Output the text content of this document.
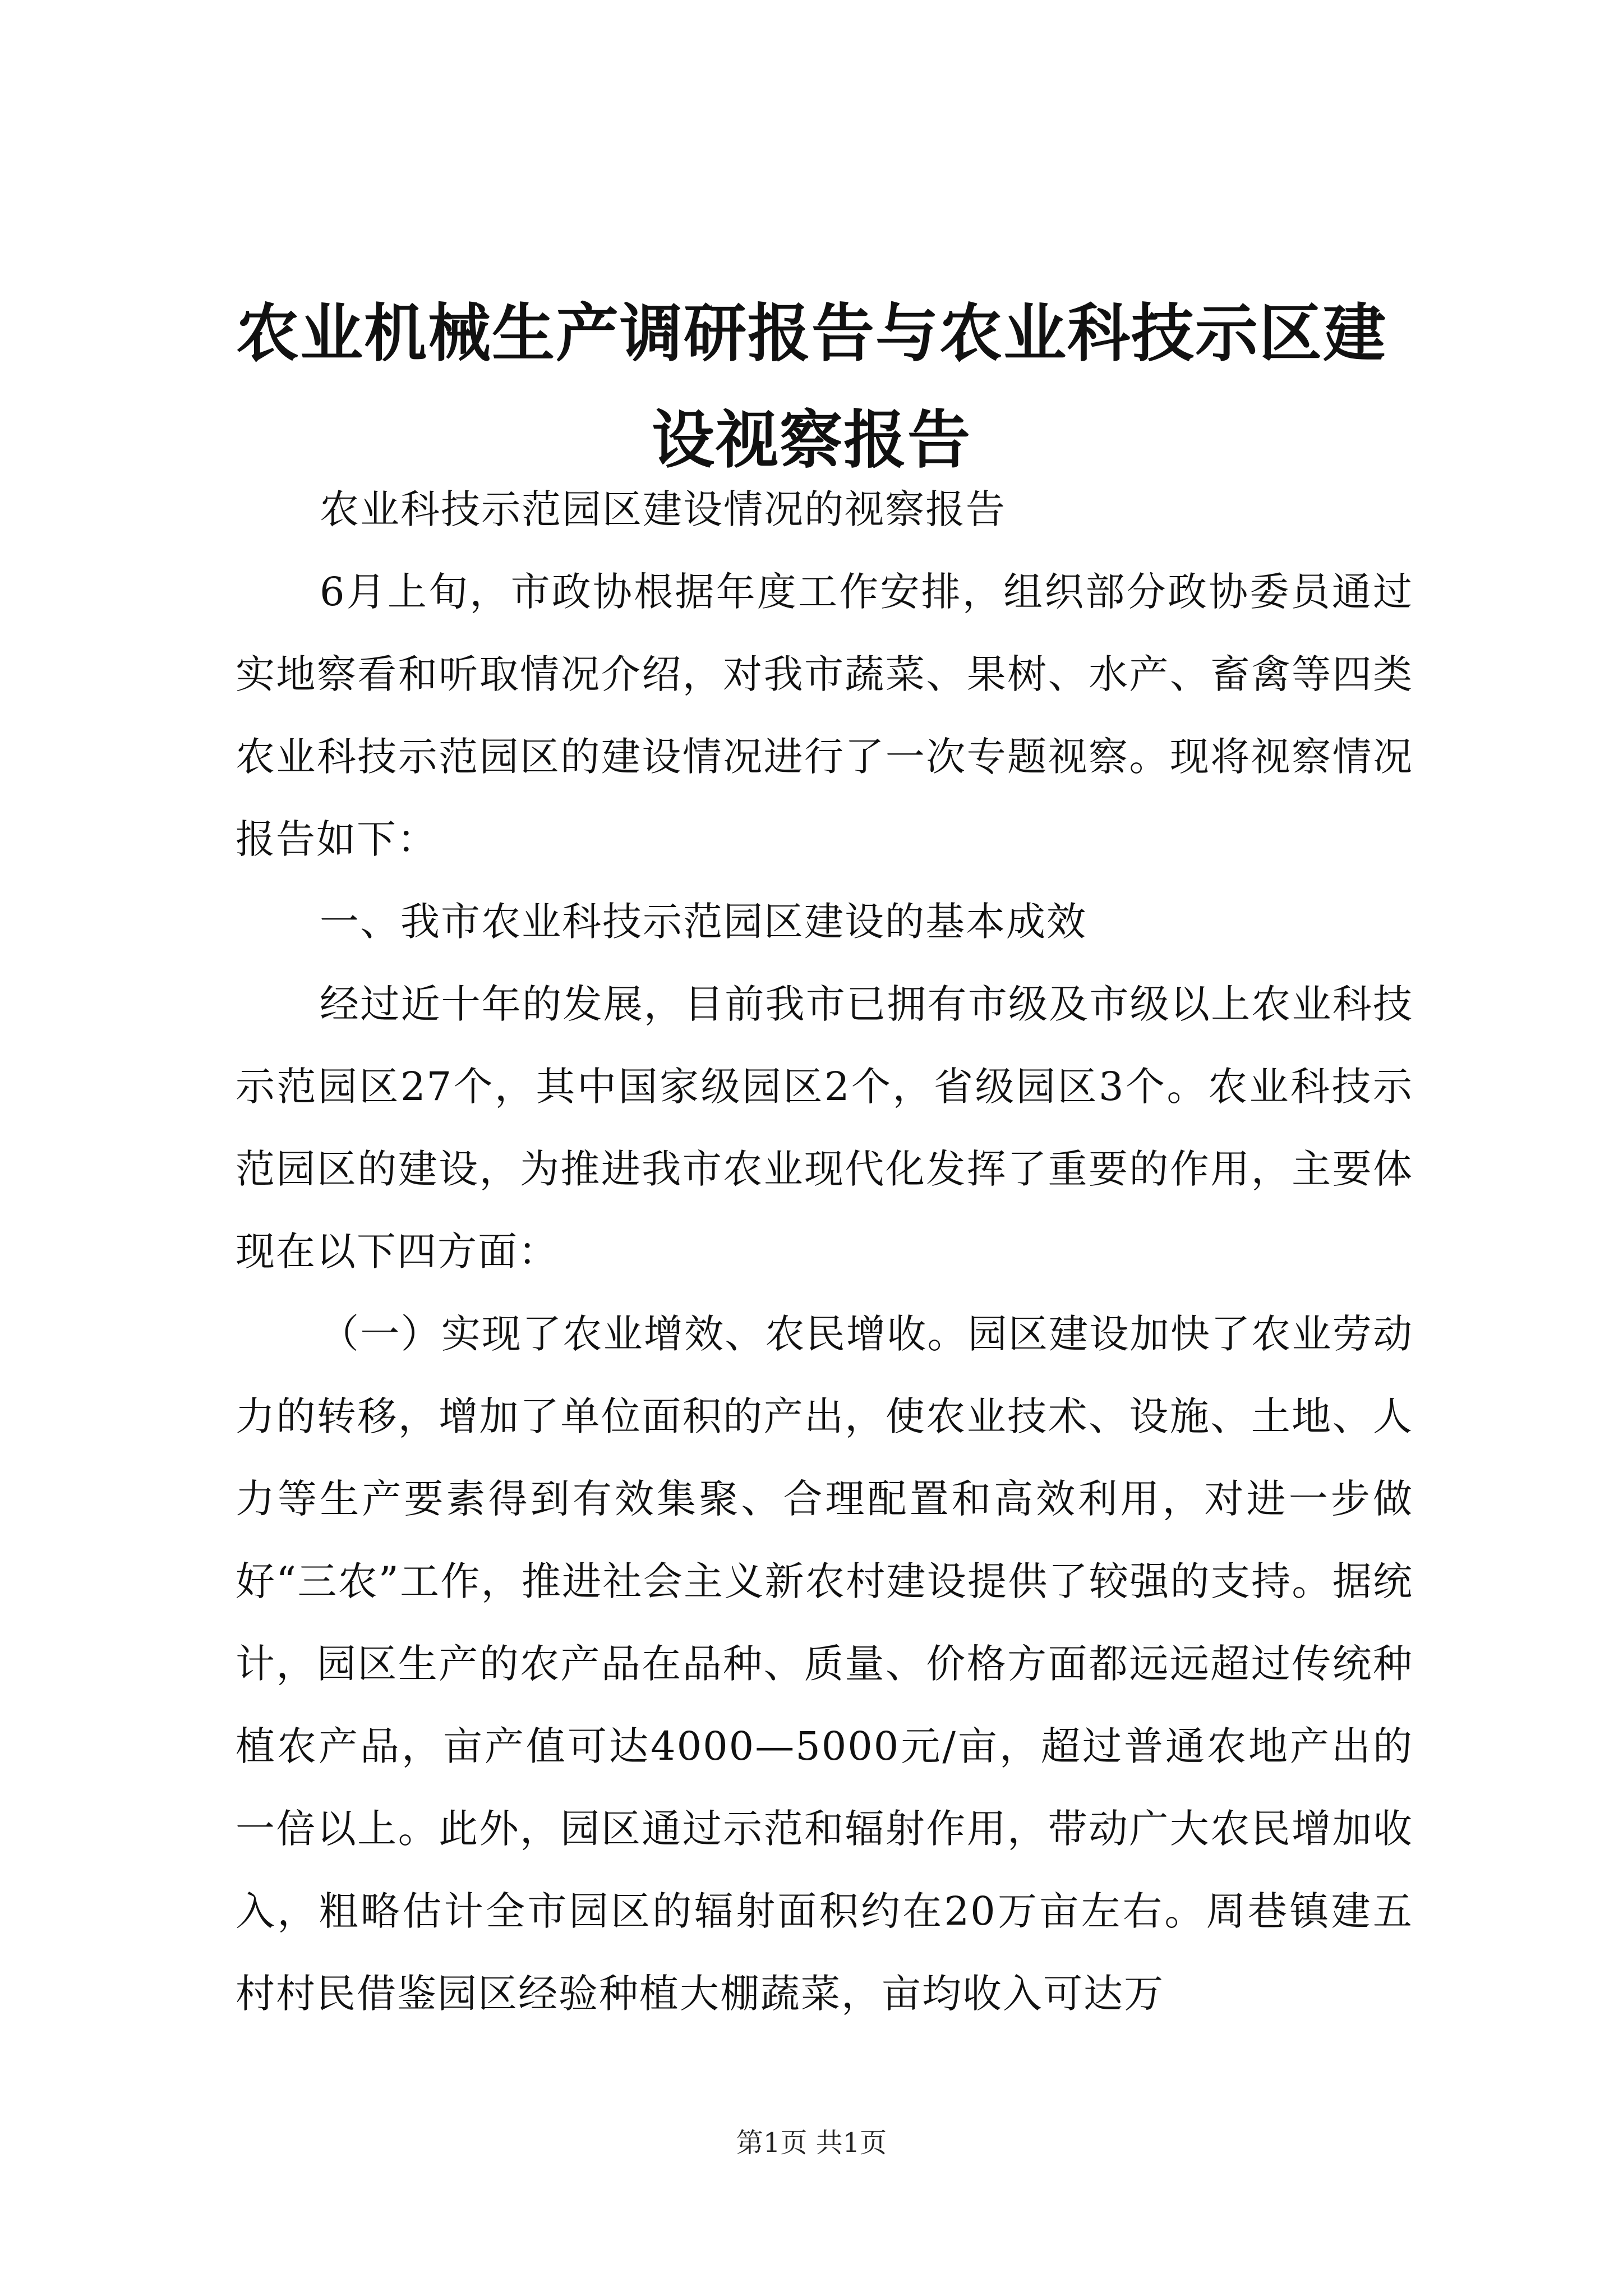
农业机械生产调研报告与农业科技示区建设视察报告

农业科技示范园区建设情况的视察报告

6月上旬，市政协根据年度工作安排，组织部分政协委员通过实地察看和听取情况介绍，对我市蔬菜、果树、水产、畜禽等四类农业科技示范园区的建设情况进行了一次专题视察。现将视察情况报告如下：

一、我市农业科技示范园区建设的基本成效

经过近十年的发展，目前我市已拥有市级及市级以上农业科技示范园区27个，其中国家级园区2个，省级园区3个。农业科技示范园区的建设，为推进我市农业现代化发挥了重要的作用，主要体现在以下四方面：

（一）实现了农业增效、农民增收。园区建设加快了农业劳动力的转移，增加了单位面积的产出，使农业技术、设施、土地、人力等生产要素得到有效集聚、合理配置和高效利用，对进一步做好“三农”工作，推进社会主义新农村建设提供了较强的支持。据统计，园区生产的农产品在品种、质量、价格方面都远远超过传统种植农产品，亩产值可达4000—5000元/亩，超过普通农地产出的一倍以上。此外，园区通过示范和辐射作用，带动广大农民增加收入，粗略估计全市园区的辐射面积约在20万亩左右。周巷镇建五村村民借鉴园区经验种植大棚蔬菜，亩均收入可达万

第1页 共1页
